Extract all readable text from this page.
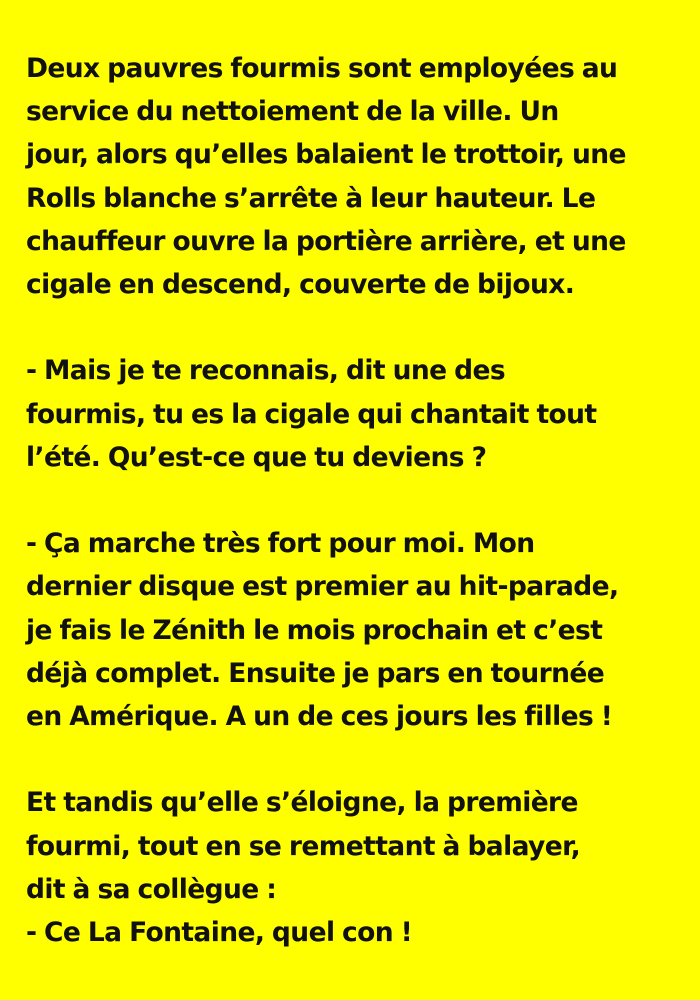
Deux pauvres fourmis sont employées au
service du nettoiement de la ville. Un
jour, alors qu’elles balaient le trottoir, une
Rolls blanche s’arrête à leur hauteur. Le
chauffeur ouvre la portière arrière, et une
cigale en descend, couverte de bijoux.

- Mais je te reconnais, dit une des
fourmis, tu es la cigale qui chantait tout
l’été. Qu’est-ce que tu deviens ?

- Ça marche très fort pour moi. Mon
dernier disque est premier au hit-parade,
je fais le Zénith le mois prochain et c’est
déjà complet. Ensuite je pars en tournée
en Amérique. A un de ces jours les filles !

Et tandis qu’elle s’éloigne, la première
fourmi, tout en se remettant à balayer,
dit à sa collègue :
- Ce La Fontaine, quel con !
